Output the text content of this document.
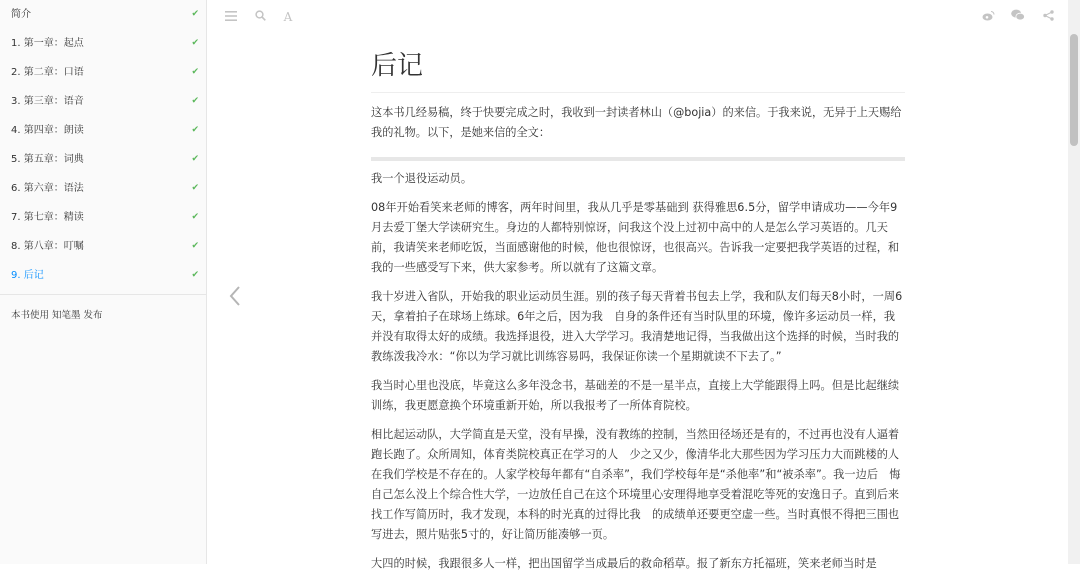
简介	✔
1. 第一章：起点	✔
2. 第二章：口语	✔
3. 第三章：语音	✔
4. 第四章：朗读	✔
5. 第五章：词典	✔
6. 第六章：语法	✔
7. 第七章：精读	✔
8. 第八章：叮嘱	✔
9. 后记	✔
本书使用 知笔墨 发布
A
后记

这本书几经易稿，终于快要完成之时，我收到一封读者林山（@bojia）的来信。于我来说，无异于上天赐给我的礼物。以下，是她来信的全文：

我一个退役运动员。

08年开始看笑来老师的博客，两年时间里，我从几乎是零基础到 获得雅思6.5分，留学申请成功——今年9月去爱丁堡大学读研究生。身边的人都特别惊讶，问我这个没上过初中高中的人是怎么学习英语的。几天前，我请笑来老师吃饭，当面感谢他的时候，他也很惊讶，也很高兴。告诉我一定要把我学英语的过程，和我的一些感受写下来，供大家参考。所以就有了这篇文章。

我十岁进入省队，开始我的职业运动员生涯。别的孩子每天背着书包去上学，我和队友们每天8小时，一周6天，拿着拍子在球场上练球。6年之后，因为我　自身的条件还有当时队里的环境，像许多运动员一样，我并没有取得太好的成绩。我选择退役，进入大学学习。我清楚地记得，当我做出这个选择的时候，当时我的 教练泼我冷水：“你以为学习就比训练容易吗，我保证你读一个星期就读不下去了。”

我当时心里也没底，毕竟这么多年没念书，基础差的不是一星半点，直接上大学能跟得上吗。但是比起继续训练，我更愿意换个环境重新开始，所以我报考了一所体育院校。

相比起运动队，大学简直是天堂，没有早操，没有教练的控制，当然田径场还是有的，不过再也没有人逼着跑长跑了。众所周知，体育类院校真正在学习的人　少之又少，像清华北大那些因为学习压力大而跳楼的人在我们学校是不存在的。人家学校每年都有“自杀率”，我们学校每年是“杀他率”和“被杀率”。我一边后　悔自己怎么没上个综合性大学，一边放任自己在这个环境里心安理得地享受着混吃等死的安逸日子。直到后来找工作写简历时，我才发现，本科的时光真的过得比我　的成绩单还要更空虚一些。当时真恨不得把三围也写进去，照片贴张5寸的，好让简历能凑够一页。

大四的时候，我跟很多人一样，把出国留学当成最后的救命稻草。报了新东方托福班，笑来老师当时是
